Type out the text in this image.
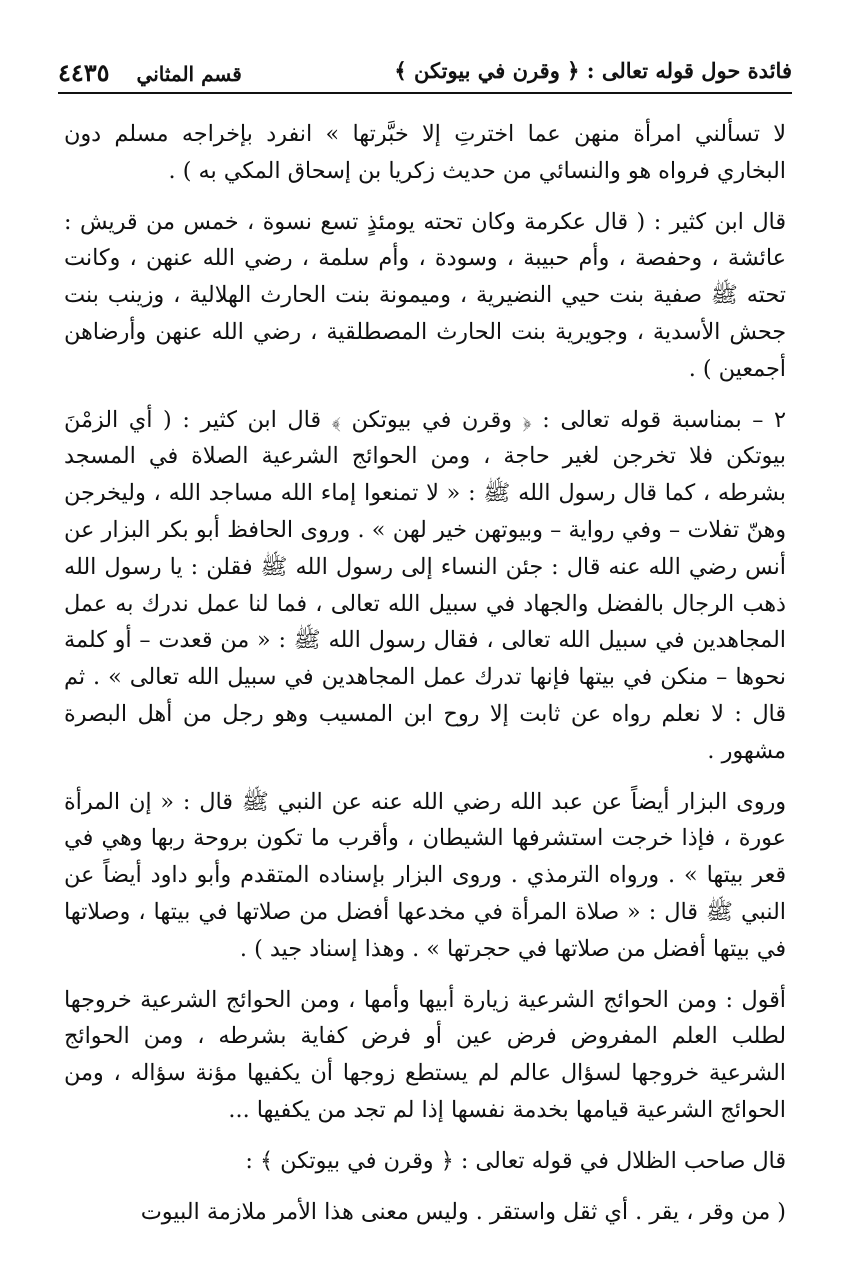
فائدة حول قوله تعالى : ﴿ وقرن في بيوتكن ﴾
قسم المثاني ٤٤٣٥

لا تسألني امرأة منهن عما اخترتِ إلا خبَّرتها » انفرد بإخراجه مسلم دون البخاري فرواه هو والنسائي من حديث زكريا بن إسحاق المكي به ) .

قال ابن كثير : ( قال عكرمة وكان تحته يومئذٍ تسع نسوة ، خمس من قريش : عائشة ، وحفصة ، وأم حبيبة ، وسودة ، وأم سلمة ، رضي الله عنهن ، وكانت تحته ﷺ صفية بنت حيي النضيرية ، وميمونة بنت الحارث الهلالية ، وزينب بنت جحش الأسدية ، وجويرية بنت الحارث المصطلقية ، رضي الله عنهن وأرضاهن أجمعين ) .

٢ – بمناسبة قوله تعالى : ﴿ وقرن في بيوتكن ﴾ قال ابن كثير : ( أي الزمْنَ بيوتكن فلا تخرجن لغير حاجة ، ومن الحوائج الشرعية الصلاة في المسجد بشرطه ، كما قال رسول الله ﷺ : « لا تمنعوا إماء الله مساجد الله ، وليخرجن وهنّ تفلات – وفي رواية – وبيوتهن خير لهن » . وروى الحافظ أبو بكر البزار عن أنس رضي الله عنه قال : جئن النساء إلى رسول الله ﷺ فقلن : يا رسول الله ذهب الرجال بالفضل والجهاد في سبيل الله تعالى ، فما لنا عمل ندرك به عمل المجاهدين في سبيل الله تعالى ، فقال رسول الله ﷺ : « من قعدت – أو كلمة نحوها – منكن في بيتها فإنها تدرك عمل المجاهدين في سبيل الله تعالى » . ثم قال : لا نعلم رواه عن ثابت إلا روح ابن المسيب وهو رجل من أهل البصرة مشهور .

وروى البزار أيضاً عن عبد الله رضي الله عنه عن النبي ﷺ قال : « إن المرأة عورة ، فإذا خرجت استشرفها الشيطان ، وأقرب ما تكون بروحة ربها وهي في قعر بيتها » . ورواه الترمذي . وروى البزار بإسناده المتقدم وأبو داود أيضاً عن النبي ﷺ قال : « صلاة المرأة في مخدعها أفضل من صلاتها في بيتها ، وصلاتها في بيتها أفضل من صلاتها في حجرتها » . وهذا إسناد جيد ) .

أقول : ومن الحوائج الشرعية زيارة أبيها وأمها ، ومن الحوائج الشرعية خروجها لطلب العلم المفروض فرض عين أو فرض كفاية بشرطه ، ومن الحوائج الشرعية خروجها لسؤال عالم لم يستطع زوجها أن يكفيها مؤنة سؤاله ، ومن الحوائج الشرعية قيامها بخدمة نفسها إذا لم تجد من يكفيها ...

قال صاحب الظلال في قوله تعالى : ﴿ وقرن في بيوتكن ﴾ :

( من وقر ، يقر . أي ثقل واستقر . وليس معنى هذا الأمر ملازمة البيوت
